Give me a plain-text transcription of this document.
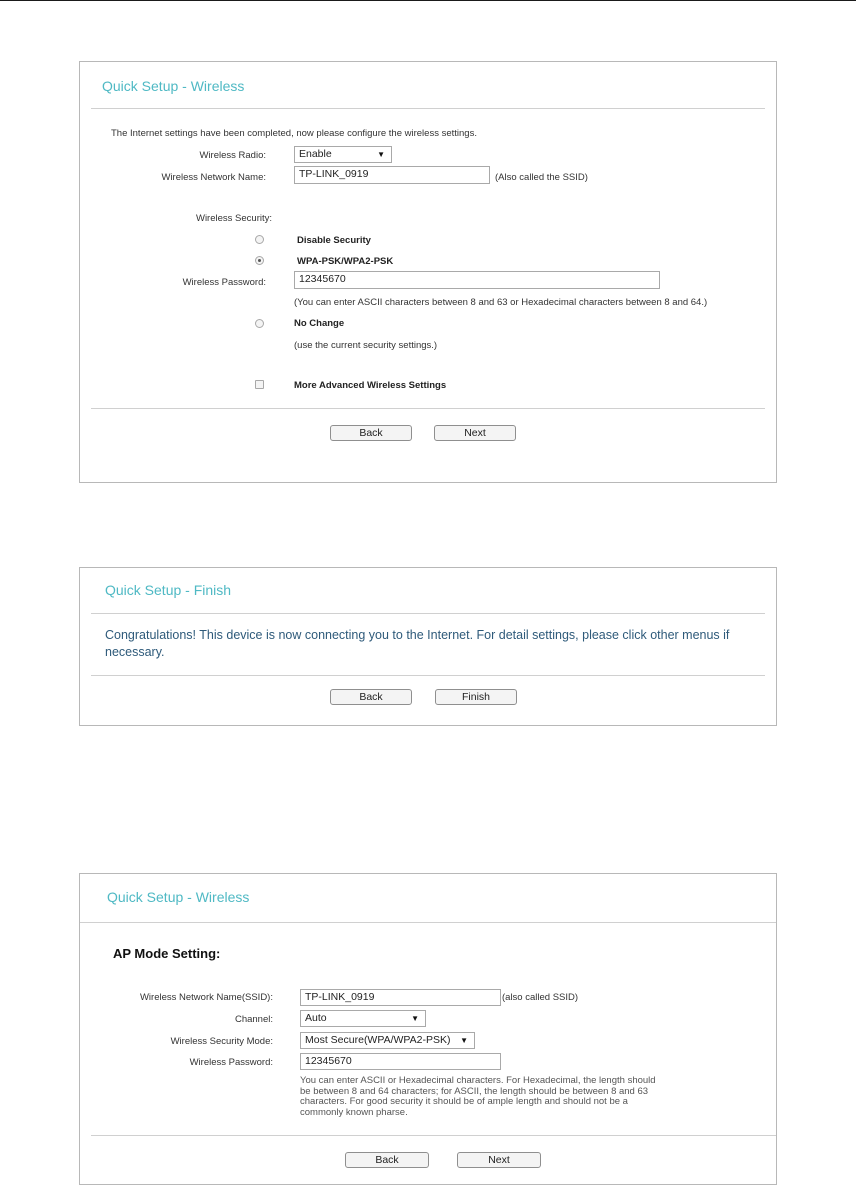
Quick Setup - Wireless
The Internet settings have been completed, now please configure the wireless settings.
Wireless Radio:	Enable	▼
Wireless Network Name:	TP-LINK_0919	(Also called the SSID)
Wireless Security:
Disable Security
WPA-PSK/WPA2-PSK
Wireless Password:	12345670
(You can enter ASCII characters between 8 and 63 or Hexadecimal characters between 8 and 64.)
No Change
(use the current security settings.)
More Advanced Wireless Settings
Back	Next
Quick Setup - Finish
Congratulations! This device is now connecting you to the Internet. For detail settings, please click other menus if
necessary.
Back	Finish
Quick Setup - Wireless
AP Mode Setting:
Wireless Network Name(SSID):	TP-LINK_0919	(also called SSID)
Channel:	Auto	▼
Wireless Security Mode:	Most Secure(WPA/WPA2-PSK) ▼
Wireless Password:	12345670
You can enter ASCII or Hexadecimal characters. For Hexadecimal, the length should
be between 8 and 64 characters; for ASCII, the length should be between 8 and 63
characters. For good security it should be of ample length and should not be a
commonly known pharse.
Back	Next
